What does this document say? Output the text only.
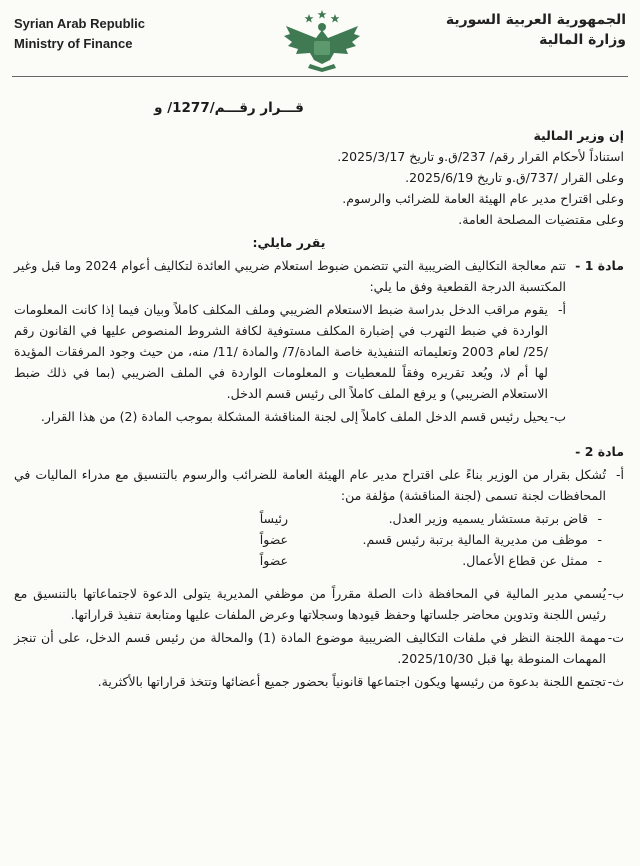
Syrian Arab Republic
Ministry of Finance
الجمهورية العربية السورية
وزارة المالية
قـــرار رقـــم/1277/ و

إن وزير المالية

استناداً لأحكام القرار رقم/ 237/ق.و تاريخ 2025/3/17.

وعلى القرار /737/ق.و تاريخ 2025/6/19.

وعلى اقتراح مدير عام الهيئة العامة للضرائب والرسوم.

وعلى مقتضيات المصلحة العامة.

يقرر مايلي:
مادة 1 -
تتم معالجة التكاليف الضريبية التي تتضمن ضبوط استعلام ضريبي العائدة لتكاليف أعوام 2024 وما قبل وغير المكتسبة الدرجة القطعية وفق ما يلي:
أ-
يقوم مراقب الدخل بدراسة ضبط الاستعلام الضريبي وملف المكلف كاملاً وبيان فيما إذا كانت المعلومات الواردة في ضبط التهرب في إضبارة المكلف مستوفية لكافة الشروط المنصوص عليها في القانون رقم /25/ لعام 2003 وتعليماته التنفيذية خاصة المادة/7/ والمادة /11/ منه، من حيث وجود المرفقات المؤيدة لها أم لا، ويُعد تقريره وفقاً للمعطيات و المعلومات الواردة في الملف الضريبي (بما في ذلك ضبط الاستعلام الضريبي) و يرفع الملف كاملاً الى رئيس قسم الدخل.
ب-
يحيل رئيس قسم الدخل الملف كاملاً إلى لجنة المناقشة المشكلة بموجب المادة (2) من هذا القرار.
مادة 2 -
أ-
تُشكل بقرار من الوزير بناءً على اقتراح مدير عام الهيئة العامة للضرائب والرسوم بالتنسيق مع مدراء الماليات في المحافظات لجنة تسمى (لجنة المناقشة) مؤلفة من:
-
قاض برتبة مستشار يسميه وزير العدل.
رئيساً
-
موظف من مديرية المالية برتبة رئيس قسم.
عضواً
-
ممثل عن قطاع الأعمال.
عضواً
ب-
يُسمي مدير المالية في المحافظة ذات الصلة مقرراً من موظفي المديرية يتولى الدعوة لاجتماعاتها بالتنسيق مع رئيس اللجنة وتدوين محاضر جلساتها وحفظ قيودها وسجلاتها وعرض الملفات عليها ومتابعة تنفيذ قراراتها.
ت-
مهمة اللجنة النظر في ملفات التكاليف الضريبية موضوع المادة (1) والمحالة من رئيس قسم الدخل، على أن تنجز المهمات المنوطة بها قبل 2025/10/30.
ث-
تجتمع اللجنة بدعوة من رئيسها ويكون اجتماعها قانونياً بحضور جميع أعضائها وتتخذ قراراتها بالأكثرية.
